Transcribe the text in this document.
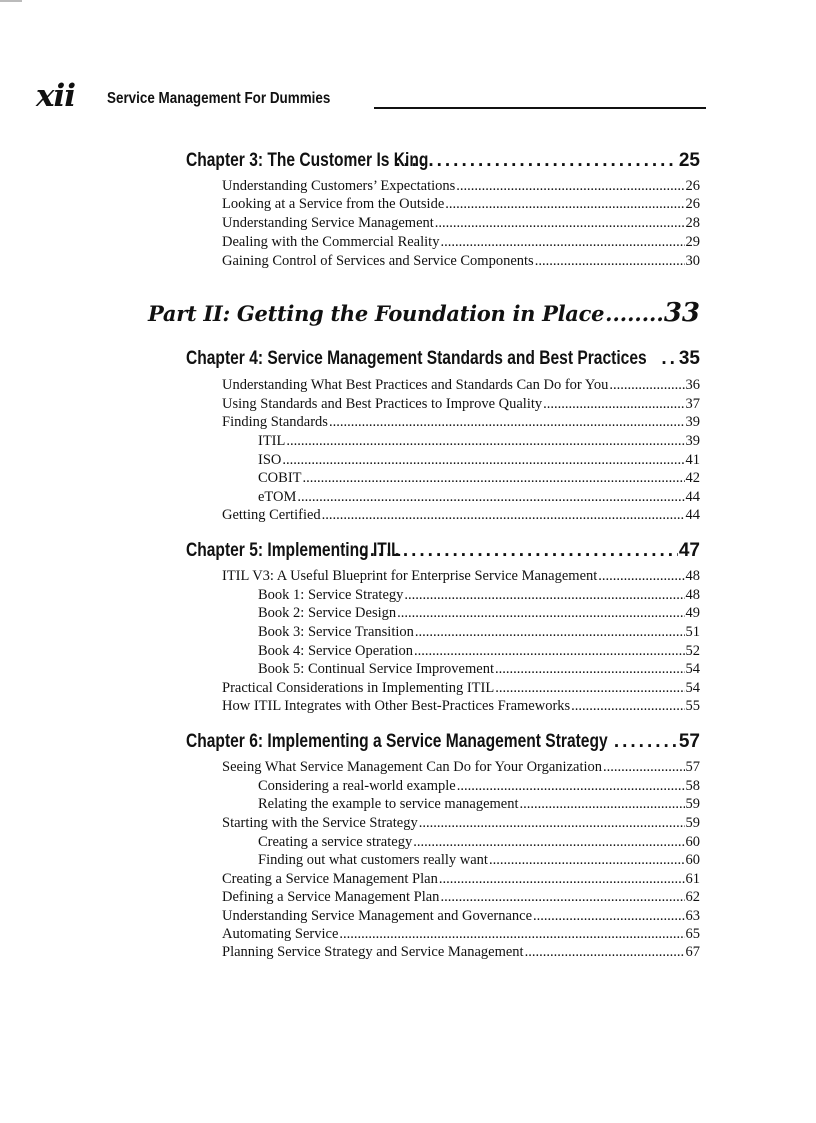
xii Service Management For Dummies
Chapter 3: The Customer Is King .....	25
Understanding Customers’ Expectations .....	26
Looking at a Service from the Outside .....	26
Understanding Service Management .....	28
Dealing with the Commercial Reality .....	29
Gaining Control of Services and Service Components .....	30
Part II: Getting the Foundation in Place ..... 33
Chapter 4: Service Management Standards and Best Practices ..... 35
Understanding What Best Practices and Standards Can Do for You .....	36
Using Standards and Best Practices to Improve Quality .....	37
Finding Standards .....	39
ITIL .....	39
ISO .....	41
COBIT .....	42
eTOM .....	44
Getting Certified .....	44
Chapter 5: Implementing ITIL .....	47
ITIL V3: A Useful Blueprint for Enterprise Service Management .....	48
Book 1: Service Strategy .....	48
Book 2: Service Design .....	49
Book 3: Service Transition .....	51
Book 4: Service Operation .....	52
Book 5: Continual Service Improvement .....	54
Practical Considerations in Implementing ITIL .....	54
How ITIL Integrates with Other Best-Practices Frameworks .....	55
Chapter 6: Implementing a Service Management Strategy .....	57
Seeing What Service Management Can Do for Your Organization .....	57
Considering a real-world example .....	58
Relating the example to service management .....	59
Starting with the Service Strategy .....	59
Creating a service strategy .....	60
Finding out what customers really want .....	60
Creating a Service Management Plan .....	61
Defining a Service Management Plan .....	62
Understanding Service Management and Governance .....	63
Automating Service .....	65
Planning Service Strategy and Service Management .....	67
